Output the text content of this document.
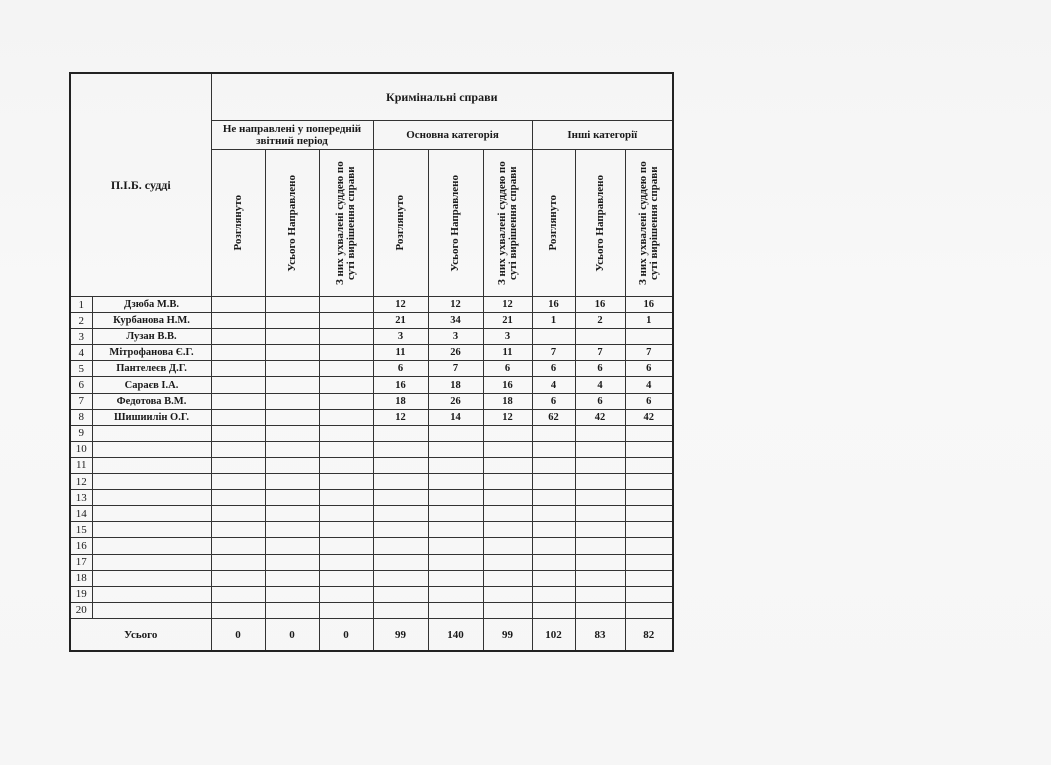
П.І.Б. судді		Кримінальні справи								
		Не направлені у попередній звітний період			Основна категорія			Інші категорії		

		Розглянуто	Усього Направлено	З них ухвалені суддею по суті вирішення справи	Розглянуто	Усього Направлено	З них ухвалені суддею по суті вирішення справи	Розглянуто	Усього Направлено	З них ухвалені суддею по суті вирішення справи

1	Дзюба М.В.				12	12	12	16	16	16
2	Курбанова Н.М.				21	34	21	1	2	1
3	Лузан В.В.				3	3	3			
4	Мітрофанова Є.Г.				11	26	11	7	7	7
5	Пантелеєв Д.Г.				6	7	6	6	6	6
6	Сараєв І.А.				16	18	16	4	4	4
7	Федотова В.М.				18	26	18	6	6	6
8	Шишиилін О.Г.				12	14	12	62	42	42
9										
10										
11										
12										
13										
14										
15										
16										
17										
18										
19										
20										
Усього		0	0	0	99	140	99	102	83	82
